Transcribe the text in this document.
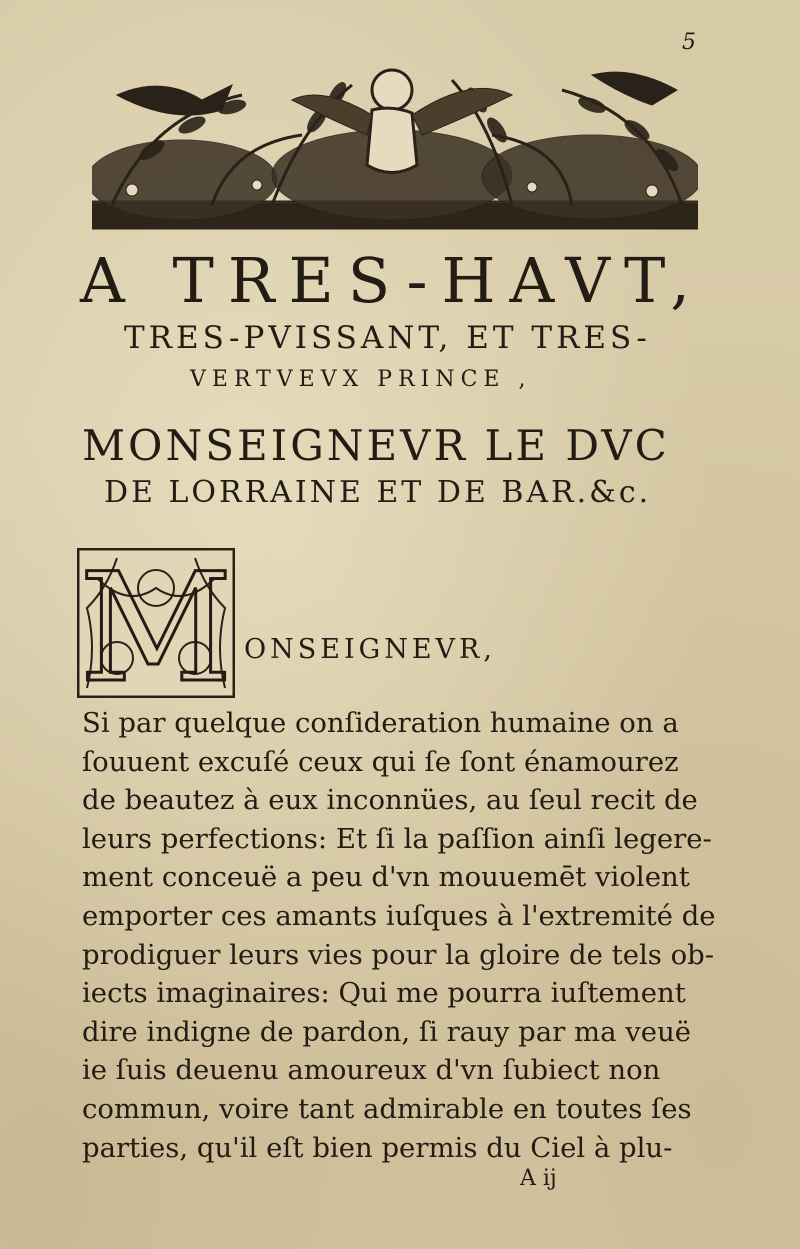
5
A TRES-HAVT,
TRES-PVISSANT, ET TRES-
VERTVEVX PRINCE ,
MONSEIGNEVR LE DVC
DE LORRAINE ET DE BAR.&c.
M ONSEIGNEVR,
Si par quelque conſideration humaine on a
ſouuent excuſé ceux qui ſe ſont énamourez
de beautez à eux inconnües, au ſeul recit de
leurs perfections: Et ſi la paſſion ainſi legere-
ment conceuë a peu d'vn mouuemēt violent
emporter ces amants iuſques à l'extremité de
prodiguer leurs vies pour la gloire de tels ob-
iects imaginaires: Qui me pourra iuſtement
dire indigne de pardon, ſi rauy par ma veuë
ie ſuis deuenu amoureux d'vn ſubiect non
commun, voire tant admirable en toutes ſes
parties, qu'il eſt bien permis du Ciel à plu-
A ij
